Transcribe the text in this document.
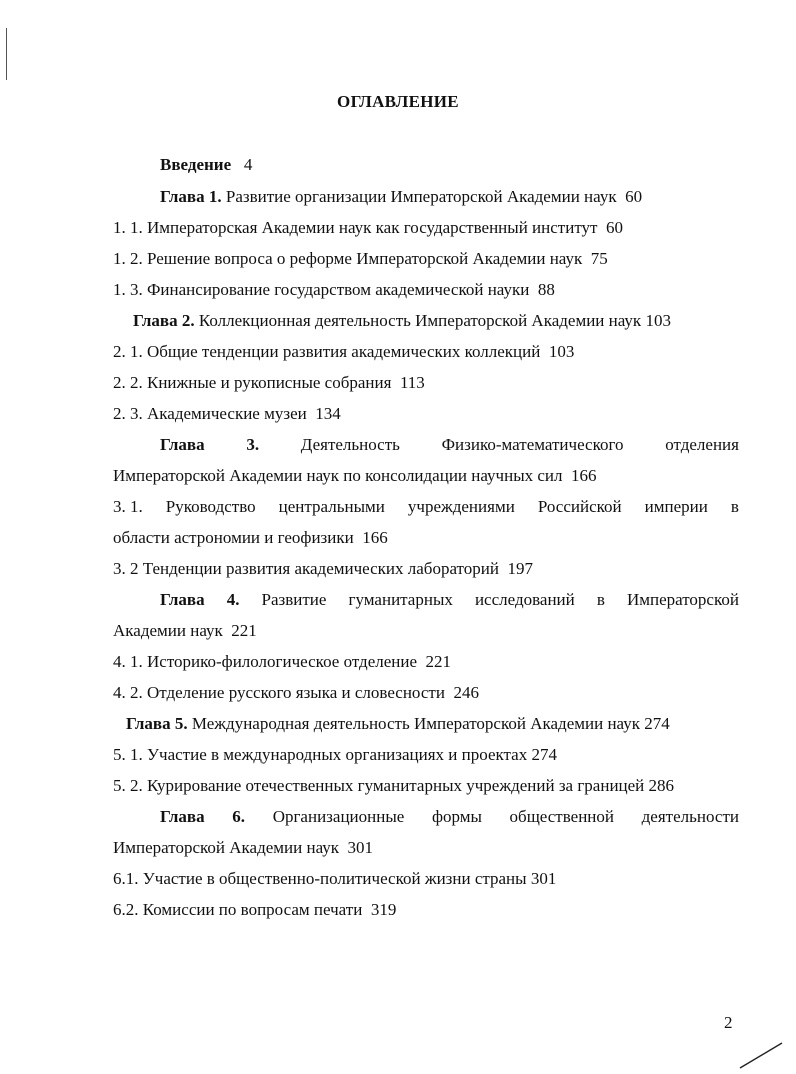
ОГЛАВЛЕНИЕ
Введение 4
Глава 1. Развитие организации Императорской Академии наук 60
1. 1. Императорская Академии наук как государственный институт 60
1. 2. Решение вопроса о реформе Императорской Академии наук 75
1. 3. Финансирование государством академической науки 88
Глава 2. Коллекционная деятельность Императорской Академии наук 103
2. 1. Общие тенденции развития академических коллекций 103
2. 2. Книжные и рукописные собрания 113
2. 3. Академические музеи 134
Глава 3. Деятельность Физико-математического отделения
Императорской Академии наук по консолидации научных сил 166
3. 1. Руководство центральными учреждениями Российской империи в
области астрономии и геофизики 166
3. 2 Тенденции развития академических лабораторий 197
Глава 4. Развитие гуманитарных исследований в Императорской
Академии наук 221
4. 1. Историко-филологическое отделение 221
4. 2. Отделение русского языка и словесности 246
Глава 5. Международная деятельность Императорской Академии наук 274
5. 1. Участие в международных организациях и проектах 274
5. 2. Курирование отечественных гуманитарных учреждений за границей 286
Глава 6. Организационные формы общественной деятельности
Императорской Академии наук 301
6.1. Участие в общественно-политической жизни страны 301
6.2. Комиссии по вопросам печати 319
2
